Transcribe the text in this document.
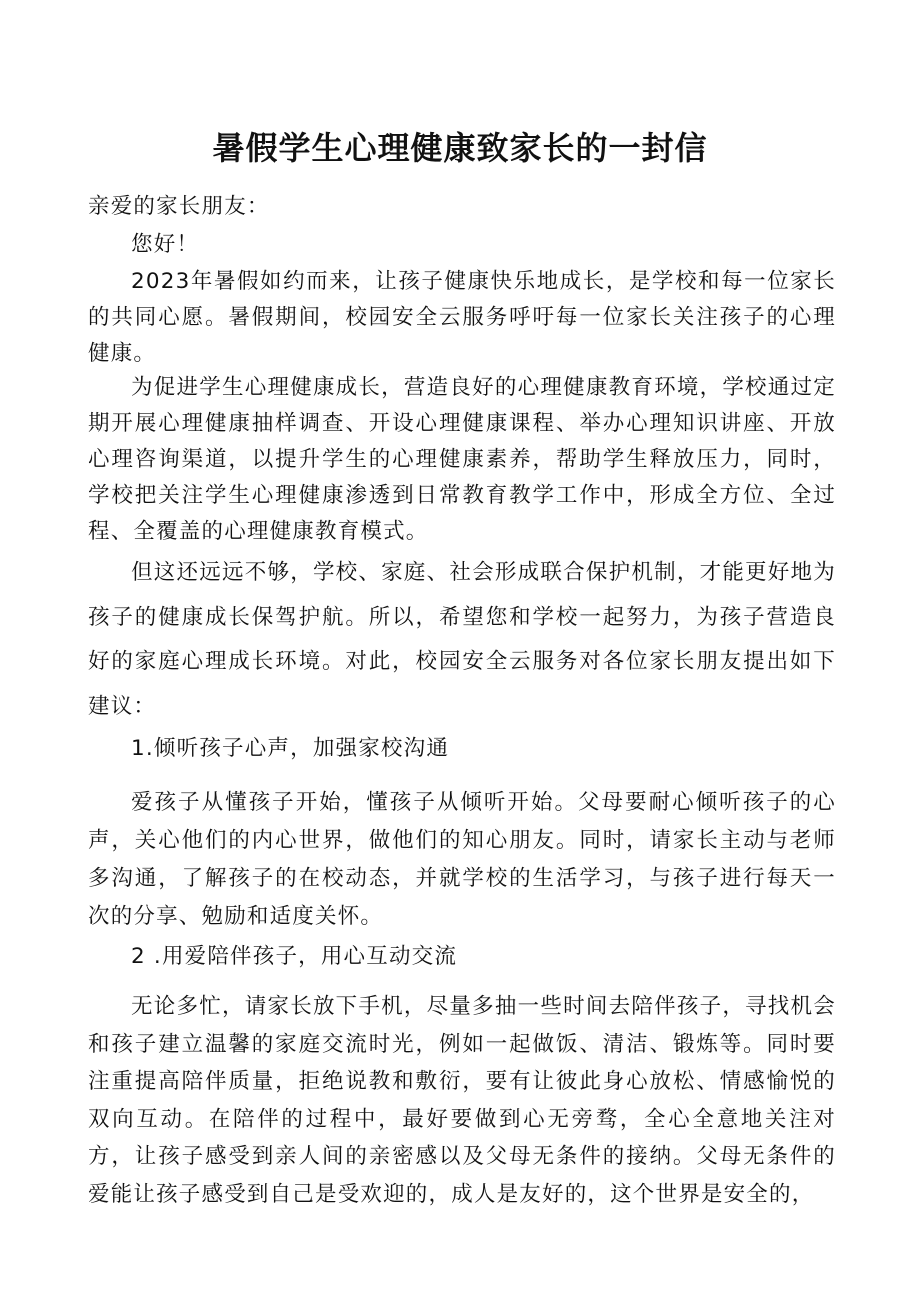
暑假学生心理健康致家长的一封信
亲爱的家长朋友：
您好！
2023年暑假如约而来，让孩子健康快乐地成长，是学校和每一位家长的共同心愿。暑假期间，校园安全云服务呼吁每一位家长关注孩子的心理健康。
为促进学生心理健康成长，营造良好的心理健康教育环境，学校通过定期开展心理健康抽样调查、开设心理健康课程、举办心理知识讲座、开放心理咨询渠道，以提升学生的心理健康素养，帮助学生释放压力，同时，学校把关注学生心理健康渗透到日常教育教学工作中，形成全方位、全过程、全覆盖的心理健康教育模式。
但这还远远不够，学校、家庭、社会形成联合保护机制，才能更好地为孩子的健康成长保驾护航。所以，希望您和学校一起努力，为孩子营造良好的家庭心理成长环境。对此，校园安全云服务对各位家长朋友提出如下建议：
1.倾听孩子心声，加强家校沟通
爱孩子从懂孩子开始，懂孩子从倾听开始。父母要耐心倾听孩子的心声，关心他们的内心世界，做他们的知心朋友。同时，请家长主动与老师多沟通，了解孩子的在校动态，并就学校的生活学习，与孩子进行每天一次的分享、勉励和适度关怀。
2 .用爱陪伴孩子，用心互动交流
无论多忙，请家长放下手机，尽量多抽一些时间去陪伴孩子，寻找机会和孩子建立温馨的家庭交流时光，例如一起做饭、清洁、锻炼等。同时要注重提高陪伴质量，拒绝说教和敷衍，要有让彼此身心放松、情感愉悦的双向互动。在陪伴的过程中，最好要做到心无旁骛，全心全意地关注对方，让孩子感受到亲人间的亲密感以及父母无条件的接纳。父母无条件的爱能让孩子感受到自己是受欢迎的，成人是友好的，这个世界是安全的，
